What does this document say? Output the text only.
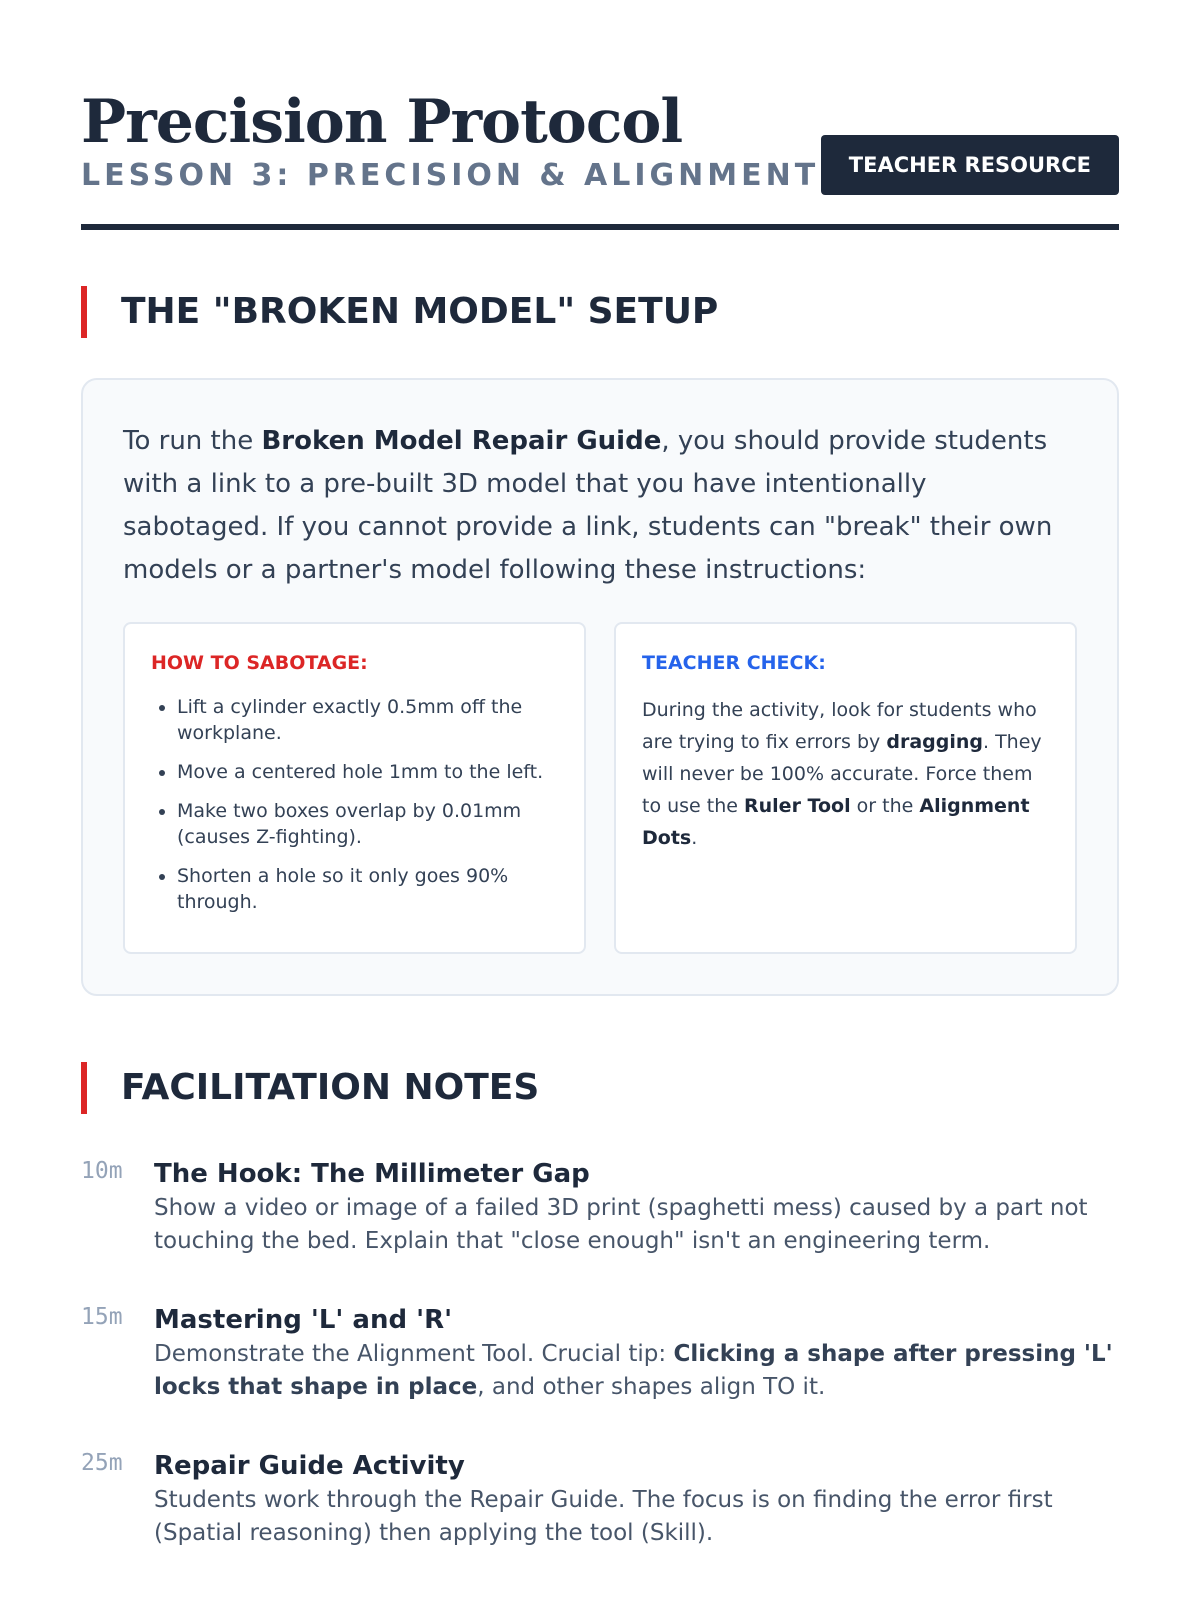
Precision Protocol
LESSON 3: PRECISION & ALIGNMENT	TEACHER RESOURCE
THE "BROKEN MODEL" SETUP

To run the Broken Model Repair Guide, you should provide students with a link to a pre-built 3D model that you have intentionally sabotaged. If you cannot provide a link, students can "break" their own models or a partner's model following these instructions:

HOW TO SABOTAGE:
• Lift a cylinder exactly 0.5mm off the workplane.
• Move a centered hole 1mm to the left.
• Make two boxes overlap by 0.01mm (causes Z-fighting).
• Shorten a hole so it only goes 90% through.
TEACHER CHECK:

During the activity, look for students who are trying to fix errors by dragging. They will never be 100% accurate. Force them to use the Ruler Tool or the Alignment Dots.

FACILITATION NOTES
10m	The Hook: The Millimeter Gap

Show a video or image of a failed 3D print (spaghetti mess) caused by a part not touching the bed. Explain that "close enough" isn't an engineering term.

15m	Mastering 'L' and 'R'

Demonstrate the Alignment Tool. Crucial tip: Clicking a shape after pressing 'L' locks that shape in place, and other shapes align TO it.

25m	Repair Guide Activity

Students work through the Repair Guide. The focus is on finding the error first (Spatial reasoning) then applying the tool (Skill).
